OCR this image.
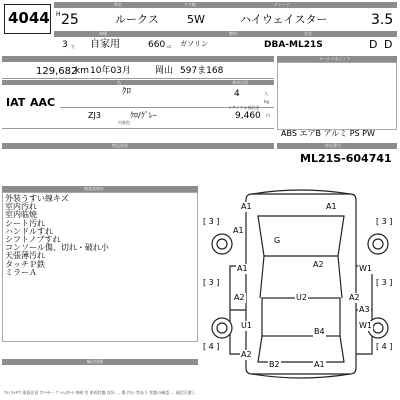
4044
車名	ドア数	グレード
H 25	ルークス	5W	ハイウェイスター	3.5
車種	燃料	型式
3 方 自家用	660 cc ガソリン	DBA-ML21S	D D
129,682
km 10年03月	岡山 597ま168
色	乗車定員
IAT AAC
ｸﾛ	4	人
kg
ZJ3	ｸﾛ/ｸﾞﾚｰ
リサイクル預託金
9,460 円
内装色
セールスポイント
ABS エアB アルミ PS PW
特記事項	車台番号
ML21S-604741
検査員報告
外装うすい線キズ
室内汚れ
室内临焼
シート汚れ
ハンドルすれ
シフトノブすれ
コンソール傷、切れ・破れ小
天張薄汚れ
タッチＰ鉄
ミラーＡ
輸出情報
ｱﾙﾐ ｷｬﾗﾘｱ 取扱注意 ｽﾏｰﾄｷｰ・ﾌﾟｯｼｭｽﾀｰﾄ 車検 付 車両状態 良好 … 傷 凹み 等あり 状態の確認 … 現状引渡し
A1	A1
A1
G
A2
A1	W1
A2	U2	A2
A3
U1
B4
W1
A2
B2	A1
[ 3 ]	[ 3 ]
[ 3 ]	[ 3 ]
[ 4 ]	[ 4 ]
